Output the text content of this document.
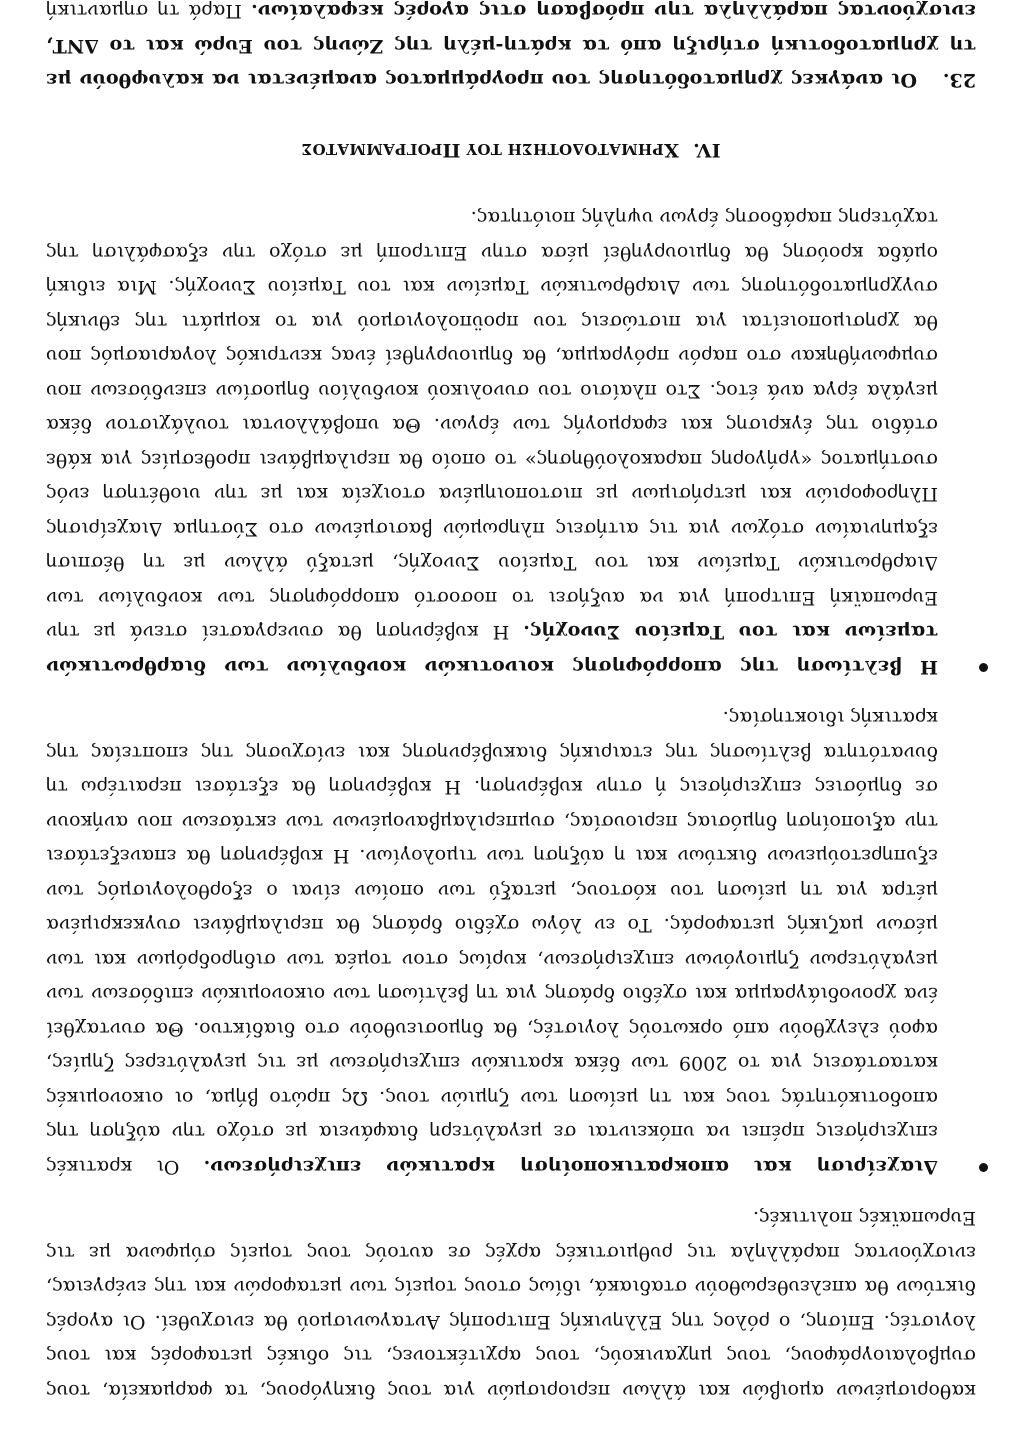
καθορισμένων αμοιβών και άλλων περιορισμών για τους δικηγόρους, τα φαρμακεία, τους συμβολαιογράφους, τους μηχανικούς, τους αρχιτέκτονες, τις οδικές μεταφορές και τους λογιστές. Επίσης, ο ρόλος της Ελληνικής Επιτροπής Ανταγωνισμού θα ενισχυθεί. Οι αγορές δικτύων θα απελευθερωθούν σταδιακά, ιδίως στους τομείς των μεταφορών και της ενέργειας, ενισχύοντας παράλληλα τις ρυθμιστικές αρχές σε αυτούς τους τομείς σύμφωνα με τις Ευρωπαϊκές πολιτικές.

Διαχείριση και αποκρατικοποίηση κρατικών επιχειρήσεων. Οι κρατικές επιχειρήσεις πρέπει να υπόκεινται σε μεγαλύτερη διαφάνεια με στόχο την αύξηση της αποδοτικότητάς τους και τη μείωση των ζημιών τους. Ως πρώτο βήμα, οι οικονομικές καταστάσεις για το 2009 των δέκα κρατικών επιχειρήσεων με τις μεγαλύτερες ζημίες, αφού ελεγχθούν από ορκωτούς λογιστές, θα δημοσιευθούν στο διαδίκτυο. Θα συνταχθεί ένα χρονοδιάγραμμα και σχέδιο δράσης για τη βελτίωση των οικονομικών επιδόσεων των μεγαλύτερων ζημιογόνων επιχειρήσεων, κυρίως στον τομέα των σιδηροδρόμων και των μέσων μαζικής μεταφοράς. Το εν λόγω σχέδιο δράσης θα περιλαμβάνει συγκεκριμένα μέτρα για τη μείωση του κόστους, μεταξύ των οποίων είναι ο εξορθολογισμός των εξυπηρετούμενων δικτύων και η αύξηση των τιμολογίων. Η κυβέρνηση θα επανεξετάσει την αξιοποίηση δημόσιας περιουσίας, συμπεριλαμβανομένων των εκτάσεων που ανήκουν σε δημόσιες επιχειρήσεις ή στην κυβέρνηση. Η κυβέρνηση θα εξετάσει περαιτέρω τη δυνατότητα βελτίωσης της εταιρικής διακυβέρνησης και ενίσχυσης της εποπτείας της κρατικής ιδιοκτησίας.

Η βελτίωση της απορρόφησης κοινοτικών κονδυλίων των διαρθρωτικών ταμείων και του Ταμείου Συνοχής. Η κυβέρνηση θα συνεργαστεί στενά με την Ευρωπαϊκή Επιτροπή για να αυξήσει το ποσοστό απορρόφησης των κονδυλίων των Διαρθρωτικών Ταμείων και του Ταμείου Συνοχής, μεταξύ άλλων με τη θέσπιση εξαμηνιαίων στόχων για τις αιτήσεις πληρωμών βασισμένων στο Σύστημα Διαχείρισης Πληροφοριών και μετρήσιμων με πιστοποιημένα στοιχεία και με την υιοθέτηση ενός συστήματος «γρήγορης παρακολούθησης» το οποίο θα περιλαμβάνει προθεσμίες για κάθε στάδιο της έγκρισης και εφαρμογής των έργων. Θα υποβάλλονται τουλάχιστον δέκα μεγάλα έργα ανά έτος. Στο πλαίσιο του συνολικού κονδυλίου δημοσίων επενδύσεων που συμφωνήθηκαν στο παρόν πρόγραμμα, θα δημιουργηθεί ένας κεντρικός λογαριασμός που θα χρησιμοποιείται για πιστώσεις του προϋπολογισμού για το κομμάτι της εθνικής συγχρηματοδότησης των Διαρθρωτικών Ταμείων και του Ταμείου Συνοχής. Μια ειδική ομάδα κρούσης θα δημιουργηθεί μέσα στην Επιτροπή με στόχο την εξασφάλιση της ταχύτερης παράδοσης έργων υψηλής ποιότητας.

IV.ΧΡΗΜΑΤΟΔΟΤΗΣΗ ΤΟΥ ΠΡΟΓΡΑΜΜΑΤΟΣ

23.Οι ανάγκες χρηματοδότησης του προγράμματος αναμένεται να καλυφθούν με τη χρηματοδοτική στήριξη από τα κράτη-μέλη της Ζώνης του Ευρώ και το ΔΝΤ, ενισχύοντας παράλληλα την πρόσβαση στις αγορές κεφαλαίων. Παρά τη σημαντική
